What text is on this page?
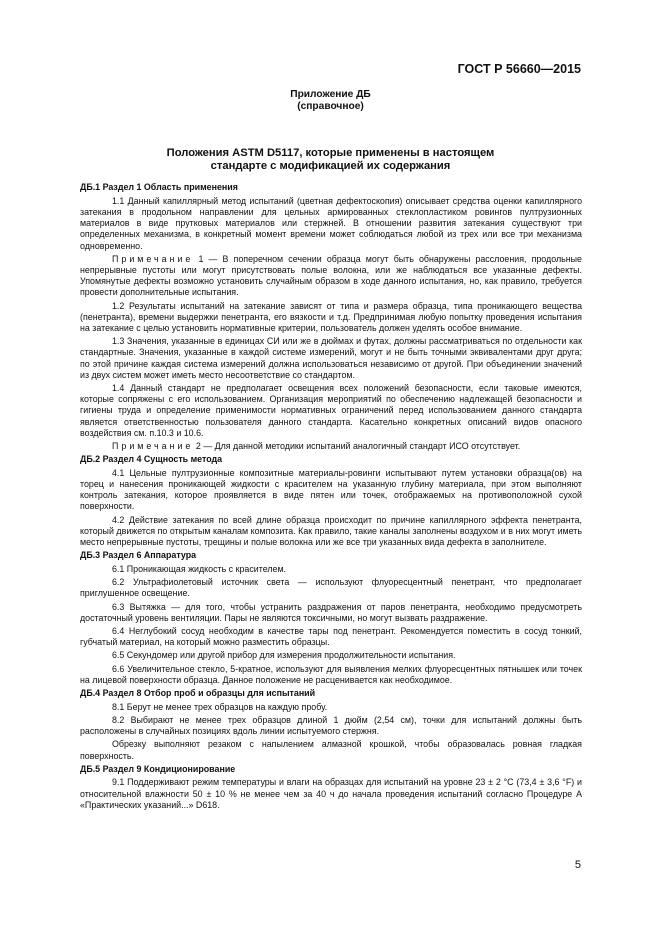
ГОСТ Р 56660—2015
Приложение ДБ
(справочное)
Положения ASTM D5117, которые применены в настоящем
стандарте с модификацией их содержания

ДБ.1 Раздел 1 Область применения

1.1 Данный капиллярный метод испытаний (цветная дефектоскопия) описывает средства оценки капиллярного затекания в продольном направлении для цельных армированных стеклопластиком ровингов пултрузионных материалов в виде прутковых материалов или стержней. В отношении развития затекания существуют три определенных механизма, в конкретный момент времени может соблюдаться любой из трех или все три механизма одновременно.

Примечание 1 — В поперечном сечении образца могут быть обнаружены расслоения, продольные непрерывные пустоты или могут присутствовать полые волокна, или же наблюдаться все указанные дефекты. Упомянутые дефекты возможно установить случайным образом в ходе данного испытания, но, как правило, требуется провести дополнительные испытания.

1.2 Результаты испытаний на затекание зависят от типа и размера образца, типа проникающего вещества (пенетранта), времени выдержки пенетранта, его вязкости и т.д. Предпринимая любую попытку проведения испытания на затекание с целью установить нормативные критерии, пользователь должен уделять особое внимание.

1.3 Значения, указанные в единицах СИ или же в дюймах и футах, должны рассматриваться по отдельности как стандартные. Значения, указанные в каждой системе измерений, могут и не быть точными эквивалентами друг друга; по этой причине каждая система измерений должна использоваться независимо от другой. При объединении значений из двух систем может иметь место несоответствие со стандартом.

1.4 Данный стандарт не предполагает освещения всех положений безопасности, если таковые имеются, которые сопряжены с его использованием. Организация мероприятий по обеспечению надлежащей безопасности и гигиены труда и определение применимости нормативных ограничений перед использованием данного стандарта является ответственностью пользователя данного стандарта. Касательно конкретных описаний видов опасного воздействия см. п.10.3 и 10.6.

Примечание 2 — Для данной методики испытаний аналогичный стандарт ИСО отсутствует.

ДБ.2 Раздел 4 Сущность метода

4.1 Цельные пултрузионные композитные материалы-ровинги испытывают путем установки образца(ов) на торец и нанесения проникающей жидкости с красителем на указанную глубину материала, при этом выполняют контроль затекания, которое проявляется в виде пятен или точек, отображаемых на противоположной сухой поверхности.

4.2 Действие затекания по всей длине образца происходит по причине капиллярного эффекта пенетранта, который движется по открытым каналам композита. Как правило, такие каналы заполнены воздухом и в них могут иметь место непрерывные пустоты, трещины и полые волокна или же все три указанных вида дефекта в заполнителе.

ДБ.3 Раздел 6 Аппаратура

6.1 Проникающая жидкость с красителем.

6.2 Ультрафиолетовый источник света — используют флуоресцентный пенетрант, что предполагает приглушенное освещение.

6.3 Вытяжка — для того, чтобы устранить раздражения от паров пенетранта, необходимо предусмотреть достаточный уровень вентиляции. Пары не являются токсичными, но могут вызвать раздражение.

6.4 Неглубокий сосуд необходим в качестве тары под пенетрант. Рекомендуется поместить в сосуд тонкий, губчатый материал, на который можно разместить образцы.

6.5 Секундомер или другой прибор для измерения продолжительности испытания.

6.6 Увеличительное стекло, 5-кратное, используют для выявления мелких флуоресцентных пятнышек или точек на лицевой поверхности образца. Данное положение не расценивается как необходимое.

ДБ.4 Раздел 8 Отбор проб и образцы для испытаний

8.1 Берут не менее трех образцов на каждую пробу.

8.2 Выбирают не менее трех образцов длиной 1 дюйм (2,54 см), точки для испытаний должны быть расположены в случайных позициях вдоль линии испытуемого стержня.

Обрезку выполняют резаком с напылением алмазной крошкой, чтобы образовалась ровная гладкая поверхность.

ДБ.5 Раздел 9 Кондиционирование

9.1 Поддерживают режим температуры и влаги на образцах для испытаний на уровне 23 ± 2 °С (73,4 ± 3,6 °F) и относительной влажности 50 ± 10 % не менее чем за 40 ч до начала проведения испытаний согласно Процедуре А «Практических указаний...» D618.

5
